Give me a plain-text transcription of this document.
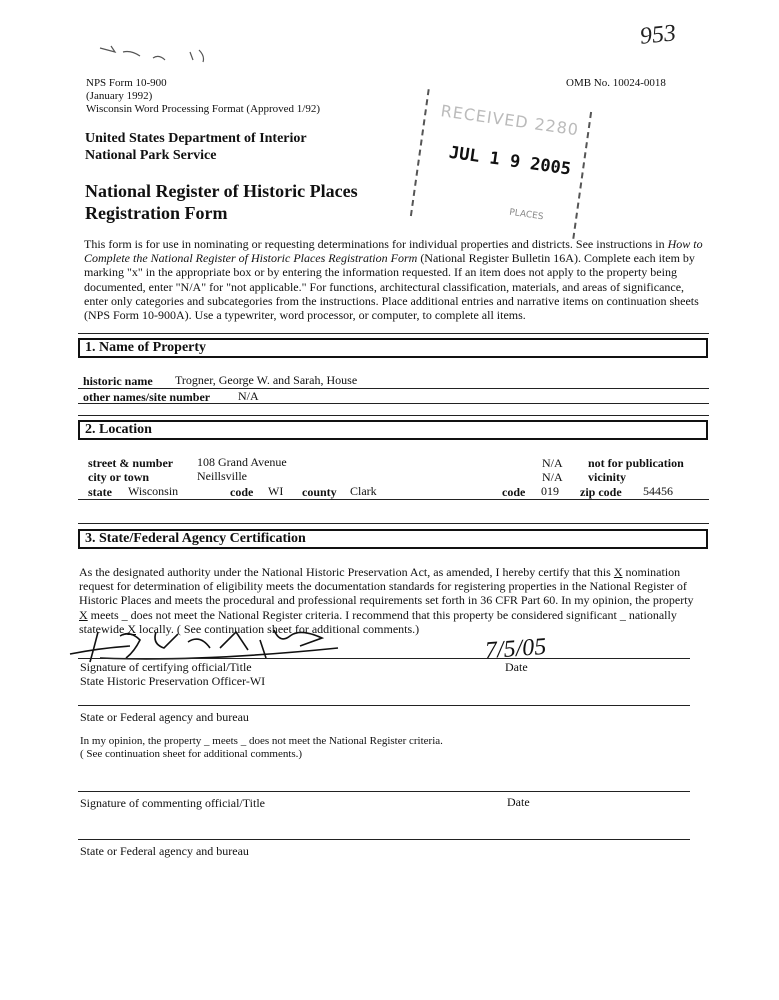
953
NPS Form 10-900
(January 1992)
Wisconsin Word Processing Format (Approved 1/92)
OMB No. 10024-0018
RECEIVED 2280
JUL 1 9 2005
PLACES
United States Department of Interior
National Park Service
National Register of Historic Places
Registration Form
This form is for use in nominating or requesting determinations for individual properties and districts. See instructions in How to
Complete the National Register of Historic Places Registration Form (National Register Bulletin 16A). Complete each item by
marking "x" in the appropriate box or by entering the information requested. If an item does not apply to the property being
documented, enter "N/A" for "not applicable." For functions, architectural classification, materials, and areas of significance,
enter only categories and subcategories from the instructions. Place additional entries and narrative items on continuation sheets
(NPS Form 10-900A). Use a typewriter, word processor, or computer, to complete all items.
1. Name of Property
historic name Trogner, George W. and Sarah, House
other names/site number N/A
2. Location
street & number 108 Grand Avenue	N/A not for publication
city or town	Neillsville	N/A vicinity
state Wisconsin	code WI county Clark	code 019 zip code 54456
3. State/Federal Agency Certification
As the designated authority under the National Historic Preservation Act, as amended, I hereby certify that this X nomination
request for determination of eligibility meets the documentation standards for registering properties in the National Register of
Historic Places and meets the procedural and professional requirements set forth in 36 CFR Part 60. In my opinion, the property
X meets _ does not meet the National Register criteria. I recommend that this property be considered significant _ nationally
statewide X locally. ( See continuation sheet for additional comments.)
Signature of certifying official/Title	Date
7/5/05
State Historic Preservation Officer-WI
State or Federal agency and bureau
In my opinion, the property _ meets _ does not meet the National Register criteria.
( See continuation sheet for additional comments.)
Signature of commenting official/Title	Date
State or Federal agency and bureau
